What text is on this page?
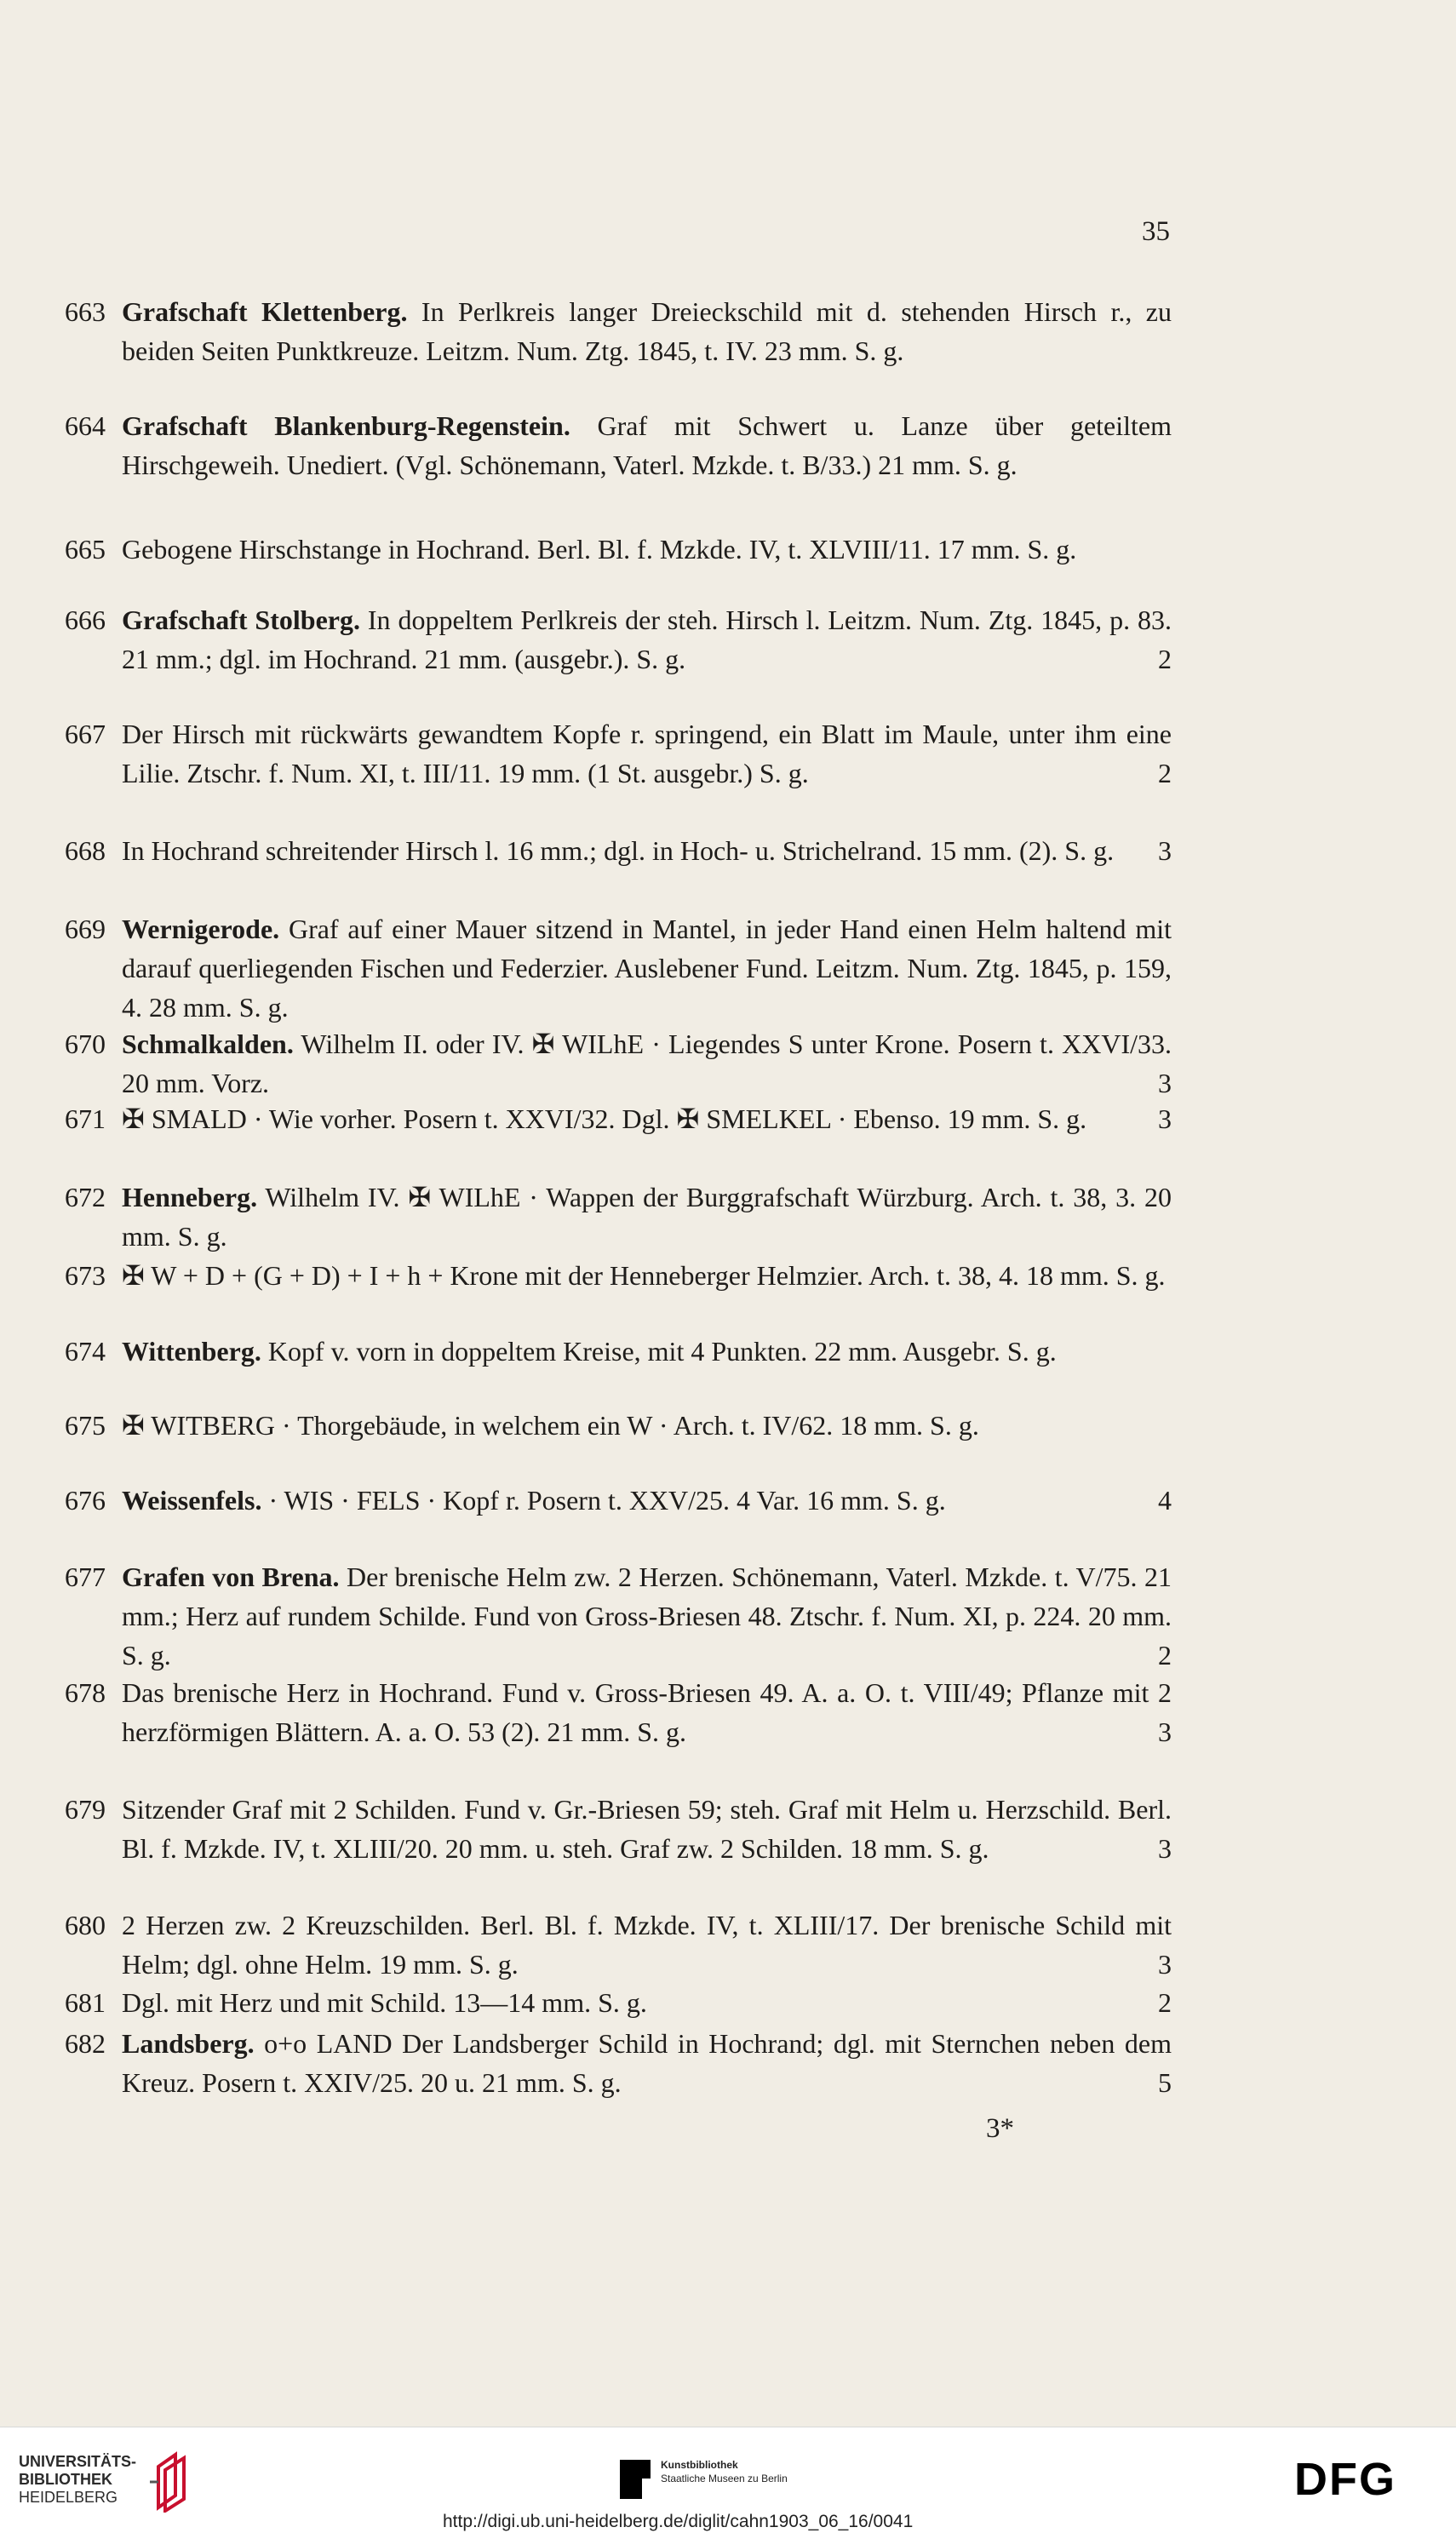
35
663 Grafschaft Klettenberg. In Perlkreis langer Dreieckschild mit d. stehenden Hirsch r., zu beiden Seiten Punktkreuze. Leitzm. Num. Ztg. 1845, t. IV. 23 mm. S. g.
664 Grafschaft Blankenburg-Regenstein. Graf mit Schwert u. Lanze über geteiltem Hirschgeweih. Unediert. (Vgl. Schönemann, Vaterl. Mzkde. t. B/33.) 21 mm. S. g.
665 Gebogene Hirschstange in Hochrand. Berl. Bl. f. Mzkde. IV, t. XLVIII/11. 17 mm. S. g.
666 Grafschaft Stolberg. In doppeltem Perlkreis der steh. Hirsch l. Leitzm. Num. Ztg. 1845, p. 83. 21 mm.; dgl. im Hochrand. 21 mm. (ausgebr.). S. g.	2
667 Der Hirsch mit rückwärts gewandtem Kopfe r. springend, ein Blatt im Maule, unter ihm eine Lilie. Ztschr. f. Num. XI, t. III/11. 19 mm. (1 St. ausgebr.) S. g.	2
668 In Hochrand schreitender Hirsch l. 16 mm.; dgl. in Hoch- u. Strichelrand. 15 mm. (2). S. g.	3
669 Wernigerode. Graf auf einer Mauer sitzend in Mantel, in jeder Hand einen Helm haltend mit darauf querliegenden Fischen und Federzier. Auslebener Fund. Leitzm. Num. Ztg. 1845, p. 159, 4. 28 mm. S. g.
670 Schmalkalden. Wilhelm II. oder IV. ✠ WILhE · Liegendes S unter Krone. Posern t. XXVI/33. 20 mm. Vorz.	3
671 ✠ SMALD · Wie vorher. Posern t. XXVI/32. Dgl. ✠ SMELKEL · Ebenso. 19 mm. S. g.	3
672 Henneberg. Wilhelm IV. ✠ WILhE · Wappen der Burggrafschaft Würzburg. Arch. t. 38, 3. 20 mm. S. g.
673 ✠ W + D + (G + D) + I + h + Krone mit der Henneberger Helmzier. Arch. t. 38, 4. 18 mm. S. g.
674 Wittenberg. Kopf v. vorn in doppeltem Kreise, mit 4 Punkten. 22 mm. Ausgebr. S. g.
675 ✠ WITBERG · Thorgebäude, in welchem ein W · Arch. t. IV/62. 18 mm. S. g.
676 Weissenfels. · WIS · FELS · Kopf r. Posern t. XXV/25. 4 Var. 16 mm. S. g.	4
677 Grafen von Brena. Der brenische Helm zw. 2 Herzen. Schönemann, Vaterl. Mzkde. t. V/75. 21 mm.; Herz auf rundem Schilde. Fund von Gross-Briesen 48. Ztschr. f. Num. XI, p. 224. 20 mm. S. g.	2
678 Das brenische Herz in Hochrand. Fund v. Gross-Briesen 49. A. a. O. t. VIII/49; Pflanze mit 2 herzförmigen Blättern. A. a. O. 53 (2). 21 mm. S. g.	3
679 Sitzender Graf mit 2 Schilden. Fund v. Gr.-Briesen 59; steh. Graf mit Helm u. Herzschild. Berl. Bl. f. Mzkde. IV, t. XLIII/20. 20 mm. u. steh. Graf zw. 2 Schilden. 18 mm. S. g.	3
680 2 Herzen zw. 2 Kreuzschilden. Berl. Bl. f. Mzkde. IV, t. XLIII/17. Der brenische Schild mit Helm; dgl. ohne Helm. 19 mm. S. g.	3
681 Dgl. mit Herz und mit Schild. 13—14 mm. S. g.	2
682 Landsberg. o+o LAND Der Landsberger Schild in Hochrand; dgl. mit Sternchen neben dem Kreuz. Posern t. XXIV/25. 20 u. 21 mm. S. g.	5
3*
UNIVERSITÄTS-
BIBLIOTHEK
HEIDELBERG
Kunstbibliothek
Staatliche Museen zu Berlin	DFG
http://digi.ub.uni-heidelberg.de/diglit/cahn1903_06_16/0041
